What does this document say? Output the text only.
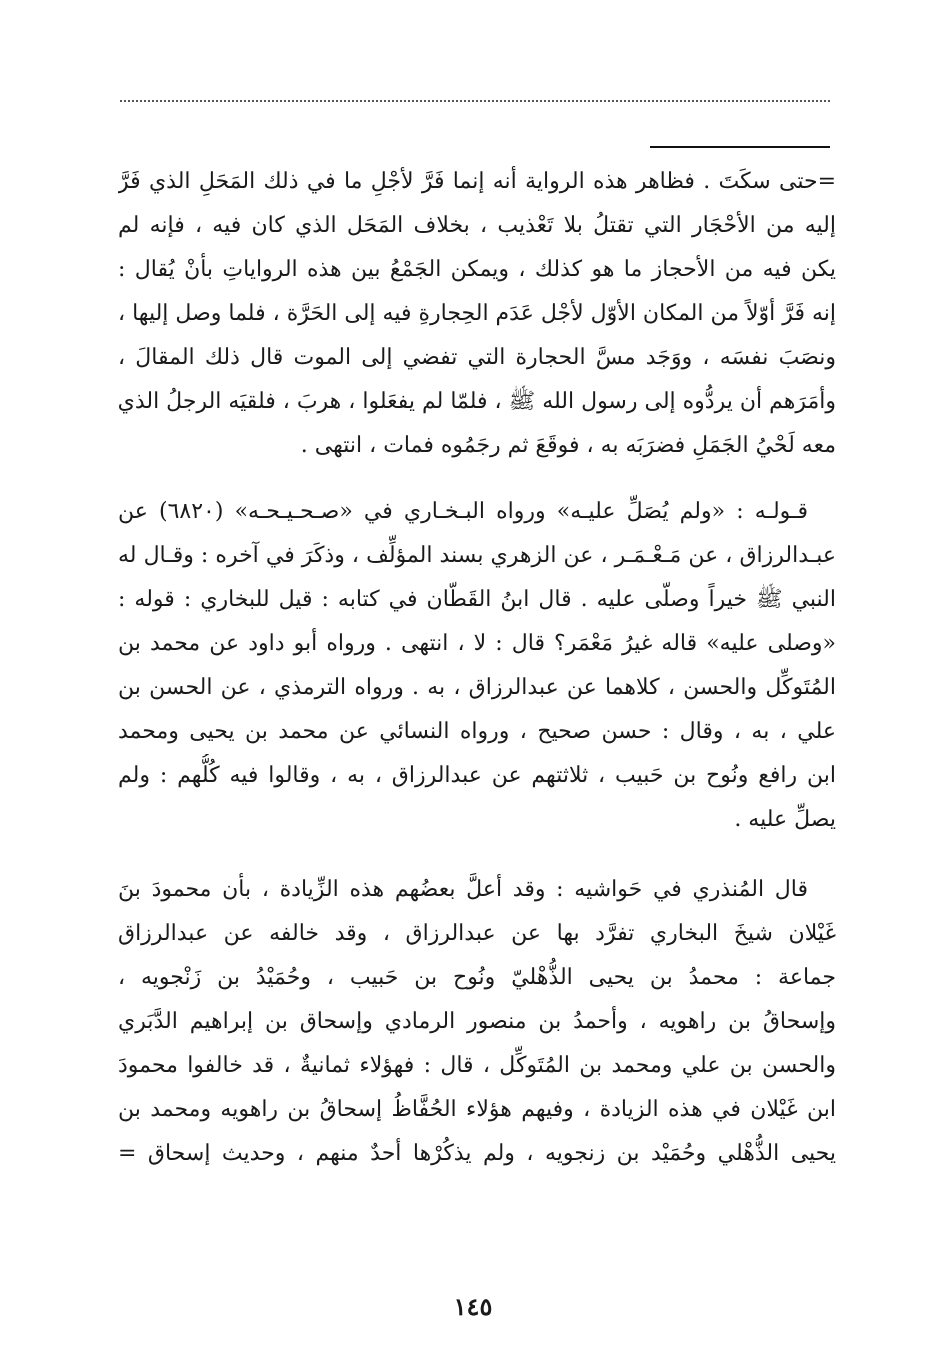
=حتى سكَتَ . فظاهر هذه الرواية أنه إنما فَرَّ لأجْلِ ما في ذلك المَحَلِ الذي فَرَّ
إليه من الأحْجَار التي تقتلُ بلا تَعْذيب ، بخلاف المَحَل الذي كان فيه ، فإنه لم
يكن فيه من الأحجاز ما هو كذلك ، ويمكن الجَمْعُ بين هذه الرواياتِ بأنْ يُقال :
إنه فَرَّ أوّلاً من المكان الأوّل لأجْل عَدَم الحِجارةِ فيه إلى الحَرَّة ، فلما وصل إليها ،
ونصَبَ نفسَه ، ووَجَد مسَّ الحجارة التي تفضي إلى الموت قال ذلك المقالَ ،
وأمَرَهم أن يردُّوه إلى رسول الله ﷺ ، فلمّا لم يفعَلوا ، هربَ ، فلقيَه الرجلُ الذي
معه لَحْيُ الجَمَلِ فضرَبَه به ، فوقَعَ ثم رجَمُوه فمات ، انتهى .
قـولـه : «ولم يُصَلِّ عليـه» ورواه البـخـاري في «صـحـيـحـه» (٦٨٢٠) عن
عبـدالرزاق ، عن مَـعْـمَـر ، عن الزهري بسند المؤلِّف ، وذكَرَ في آخره : وقـال له
النبي ﷺ خيراً وصلّى عليه . قال ابنُ القَطّان في كتابه : قيل للبخاري : قوله :
«وصلى عليه» قاله غيرُ مَعْمَر؟ قال : لا ، انتهى . ورواه أبو داود عن محمد بن
المُتَوكِّل والحسن ، كلاهما عن عبدالرزاق ، به . ورواه الترمذي ، عن الحسن بن
علي ، به ، وقال : حسن صحيح ، ورواه النسائي عن محمد بن يحيى ومحمد
ابن رافع ونُوح بن حَبيب ، ثلاثتهم عن عبدالرزاق ، به ، وقالوا فيه كُلُّهم : ولم
يصلِّ عليه .
قال المُنذري في حَواشيه : وقد أعلَّ بعضُهم هذه الزِّيادة ، بأن محمودَ بنَ
غَيْلان شيخَ البخاري تفرَّد بها عن عبدالرزاق ، وقد خالفه عن عبدالرزاق
جماعة : محمدُ بن يحيى الذُّهْليّ ونُوح بن حَبيب ، وحُمَيْدُ بن زَنْجويه ،
وإسحاقُ بن راهويه ، وأحمدُ بن منصور الرمادي وإسحاق بن إبراهيم الدَّبَري
والحسن بن علي ومحمد بن المُتَوكِّل ، قال : فهؤلاء ثمانيةٌ ، قد خالفوا محمودَ
ابن غَيْلان في هذه الزيادة ، وفيهم هؤلاء الحُفَّاظُ إسحاقُ بن راهويه ومحمد بن
يحيى الذُّهْلي وحُمَيْد بن زنجويه ، ولم يذكُرْها أحدٌ منهم ، وحديث إسحاق =
١٤٥
